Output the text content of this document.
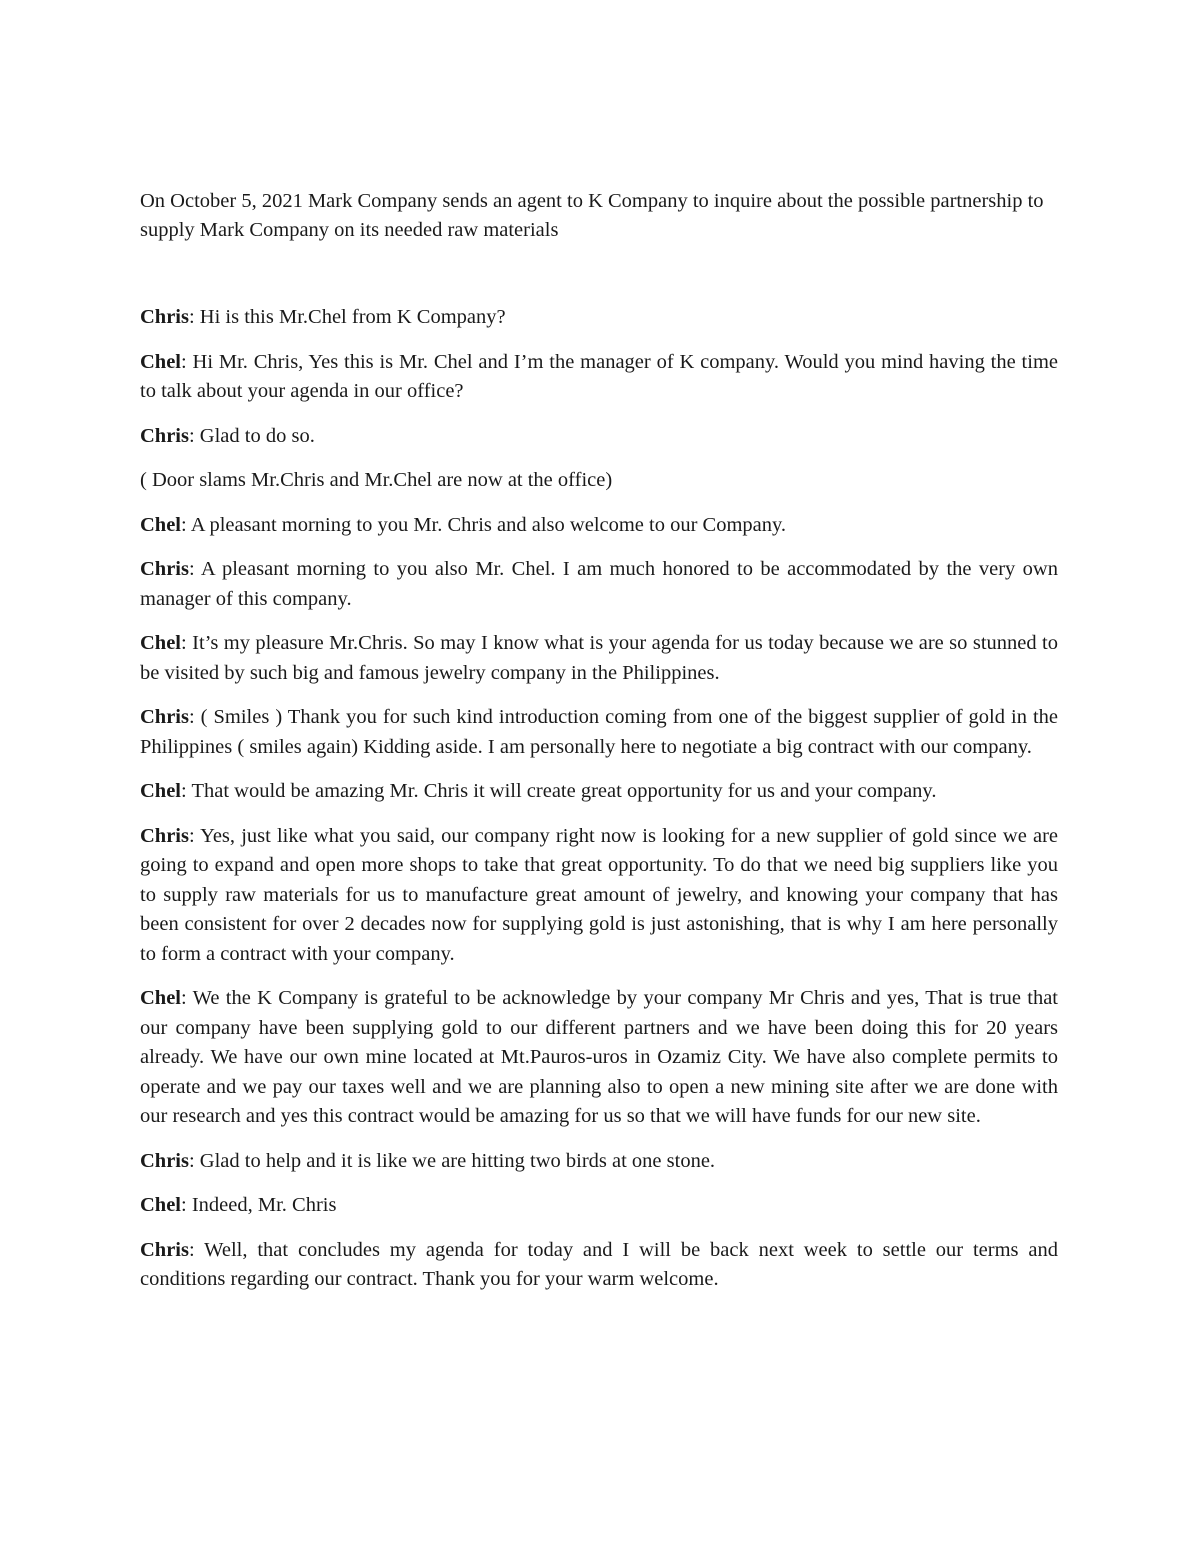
On October 5, 2021 Mark Company sends an agent to K Company to inquire about the possible partnership to supply Mark Company on its needed raw materials

Chris: Hi is this Mr.Chel from K Company?

Chel: Hi Mr. Chris, Yes this is Mr. Chel and I’m the manager of K company. Would you mind having the time to talk about your agenda in our office?

Chris: Glad to do so.

( Door slams Mr.Chris and Mr.Chel are now at the office)

Chel: A pleasant morning to you Mr. Chris and also welcome to our Company.

Chris: A pleasant morning to you also Mr. Chel. I am much honored to be accommodated by the very own manager of this company.

Chel: It’s my pleasure Mr.Chris. So may I know what is your agenda for us today because we are so stunned to be visited by such big and famous jewelry company in the Philippines.

Chris: ( Smiles ) Thank you for such kind introduction coming from one of the biggest supplier of gold in the Philippines ( smiles again) Kidding aside. I am personally here to negotiate a big contract with our company.

Chel: That would be amazing Mr. Chris it will create great opportunity for us and your company.

Chris: Yes, just like what you said, our company right now is looking for a new supplier of gold since we are going to expand and open more shops to take that great opportunity. To do that we need big suppliers like you to supply raw materials for us to manufacture great amount of jewelry, and knowing your company that has been consistent for over 2 decades now for supplying gold is just astonishing, that is why I am here personally to form a contract with your company.

Chel: We the K Company is grateful to be acknowledge by your company Mr Chris and yes, That is true that our company have been supplying gold to our different partners and we have been doing this for 20 years already. We have our own mine located at Mt.Pauros-uros in Ozamiz City. We have also complete permits to operate and we pay our taxes well and we are planning also to open a new mining site after we are done with our research and yes this contract would be amazing for us so that we will have funds for our new site.

Chris: Glad to help and it is like we are hitting two birds at one stone.

Chel: Indeed, Mr. Chris

Chris: Well, that concludes my agenda for today and I will be back next week to settle our terms and conditions regarding our contract. Thank you for your warm welcome.
